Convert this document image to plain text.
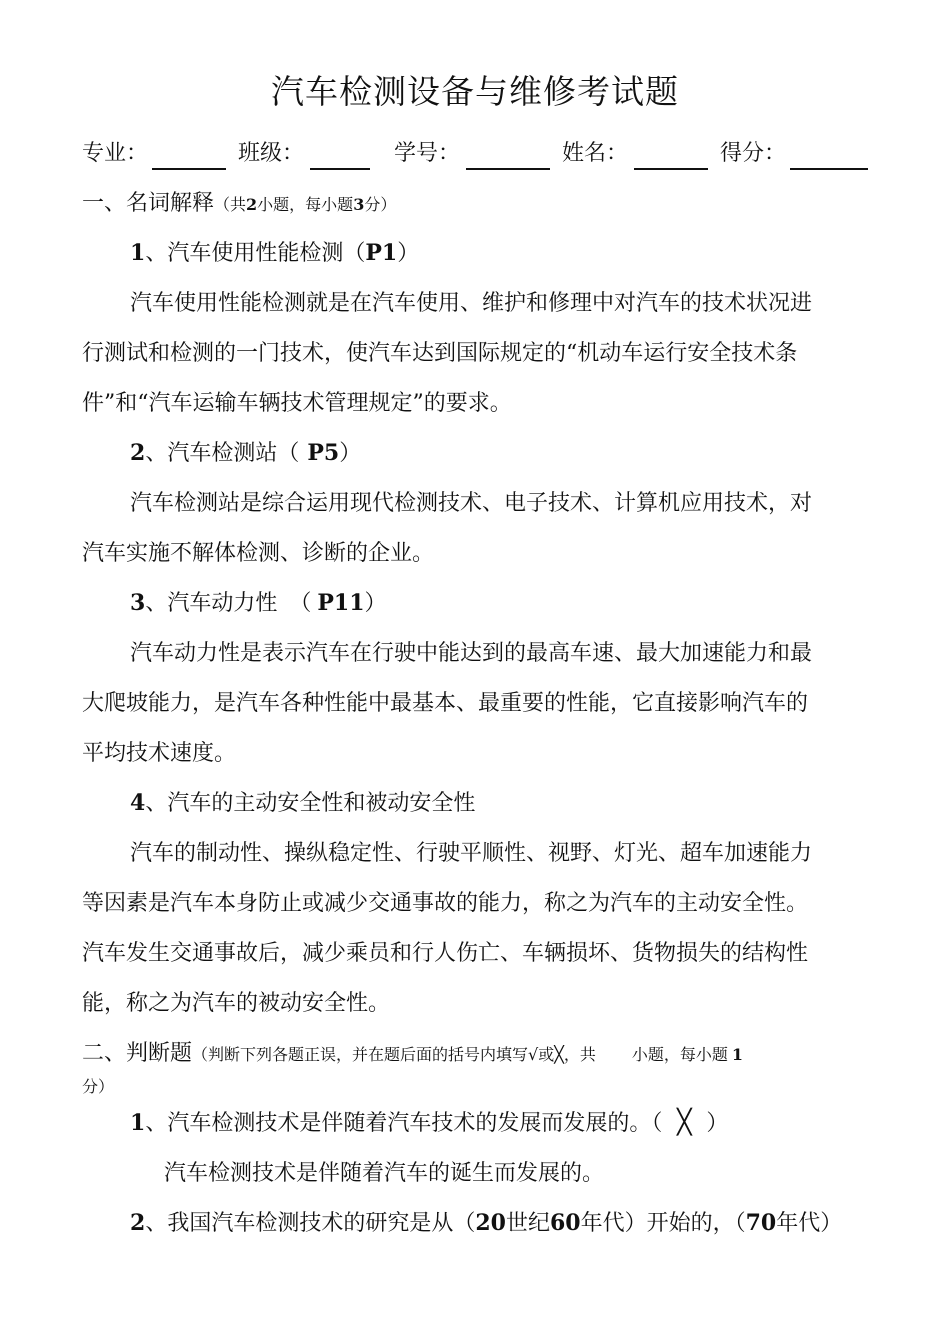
汽车检测设备与维修考试题
专业：	班级：	学号：	姓名：	得分：
一、名词解释（共2小题，每小题3分）
1、汽车使用性能检测（P1）
汽车使用性能检测就是在汽车使用、维护和修理中对汽车的技术状况进
行测试和检测的一门技术，使汽车达到国际规定的“机动车运行安全技术条
件”和“汽车运输车辆技术管理规定”的要求。
2、汽车检测站（ P5）
汽车检测站是综合运用现代检测技术、电子技术、计算机应用技术，对
汽车实施不解体检测、诊断的企业。
3、汽车动力性 （ P11）
汽车动力性是表示汽车在行驶中能达到的最高车速、最大加速能力和最
大爬坡能力，是汽车各种性能中最基本、最重要的性能，它直接影响汽车的
平均技术速度。
4、汽车的主动安全性和被动安全性
汽车的制动性、操纵稳定性、行驶平顺性、视野、灯光、超车加速能力
等因素是汽车本身防止或减少交通事故的能力，称之为汽车的主动安全性。
汽车发生交通事故后，减少乘员和行人伤亡、车辆损坏、货物损失的结构性
能，称之为汽车的被动安全性。
二、判断题（判断下列各题正误，并在题后面的括号内填写√或╳，共 小题，每小题 1
分）
1、汽车检测技术是伴随着汽车技术的发展而发展的。（ ╳ ）
汽车检测技术是伴随着汽车的诞生而发展的。
2、我国汽车检测技术的研究是从（20世纪60年代）开始的，（70年代）
